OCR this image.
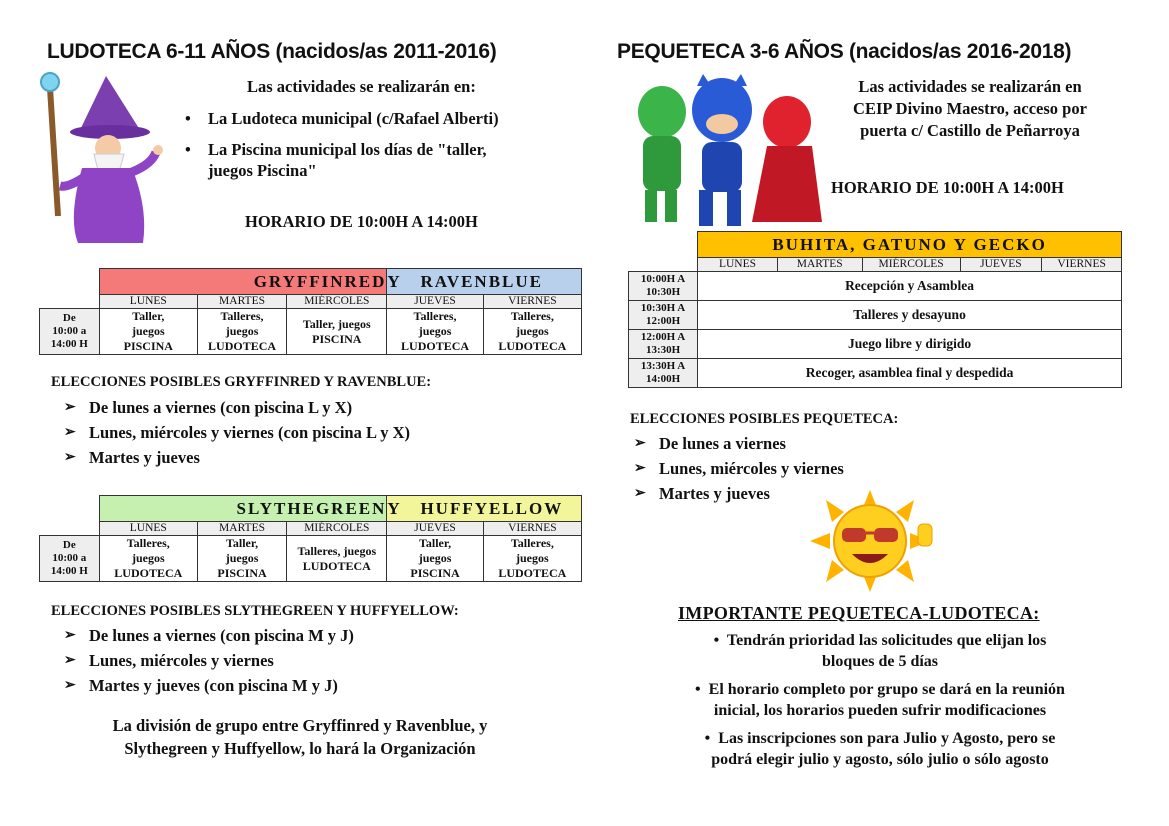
LUDOTECA 6-11 AÑOS (nacidos/as 2011-2016)
Las actividades se realizarán en:
• La Ludoteca municipal (c/Rafael Alberti)
• La Piscina municipal los días de "taller,
juegos Piscina"
HORARIO DE 10:00H A 14:00H
	GRYFFINRED			Y RAVENBLUE	
	LUNES	MARTES	MIÉRCOLES	JUEVES	VIERNES
De
10:00 a
14:00 H	Taller,
juegos
PISCINA	Talleres,
juegos
LUDOTECA	Taller, juegos
PISCINA	Talleres,
juegos
LUDOTECA	Talleres,
juegos
LUDOTECA
ELECCIONES POSIBLES GRYFFINRED Y RAVENBLUE:
➢ De lunes a viernes (con piscina L y X)
➢ Lunes, miércoles y viernes (con piscina L y X)
➢ Martes y jueves
	SLYTHEGREEN			Y HUFFYELLOW	
	LUNES	MARTES	MIÉRCOLES	JUEVES	VIERNES
De
10:00 a
14:00 H	Talleres,
juegos
LUDOTECA	Taller,
juegos
PISCINA	Talleres, juegos
LUDOTECA	Taller,
juegos
PISCINA	Talleres,
juegos
LUDOTECA
ELECCIONES POSIBLES SLYTHEGREEN Y HUFFYELLOW:
➢ De lunes a viernes (con piscina M y J)
➢ Lunes, miércoles y viernes
➢ Martes y jueves (con piscina M y J)
La división de grupo entre Gryffinred y Ravenblue, y
Slythegreen y Huffyellow, lo hará la Organización
PEQUETECA 3-6 AÑOS (nacidos/as 2016-2018)
Las actividades se realizarán en
CEIP Divino Maestro, acceso por
puerta c/ Castillo de Peñarroya
HORARIO DE 10:00H A 14:00H
	BUHITA, GATUNO Y GECKO				
	LUNES	MARTES	MIÉRCOLES	JUEVES	VIERNES
10:00H A
10:30H	Recepción y Asamblea				
10:30H A
12:00H	Talleres y desayuno				
12:00H A
13:30H	Juego libre y dirigido				
13:30H A
14:00H	Recoger, asamblea final y despedida				
ELECCIONES POSIBLES PEQUETECA:
➢ De lunes a viernes
➢ Lunes, miércoles y viernes
➢ Martes y jueves
IMPORTANTE PEQUETECA-LUDOTECA:
• Tendrán prioridad las solicitudes que elijan los
bloques de 5 días
• El horario completo por grupo se dará en la reunión
inicial, los horarios pueden sufrir modificaciones
• Las inscripciones son para Julio y Agosto, pero se
podrá elegir julio y agosto, sólo julio o sólo agosto
